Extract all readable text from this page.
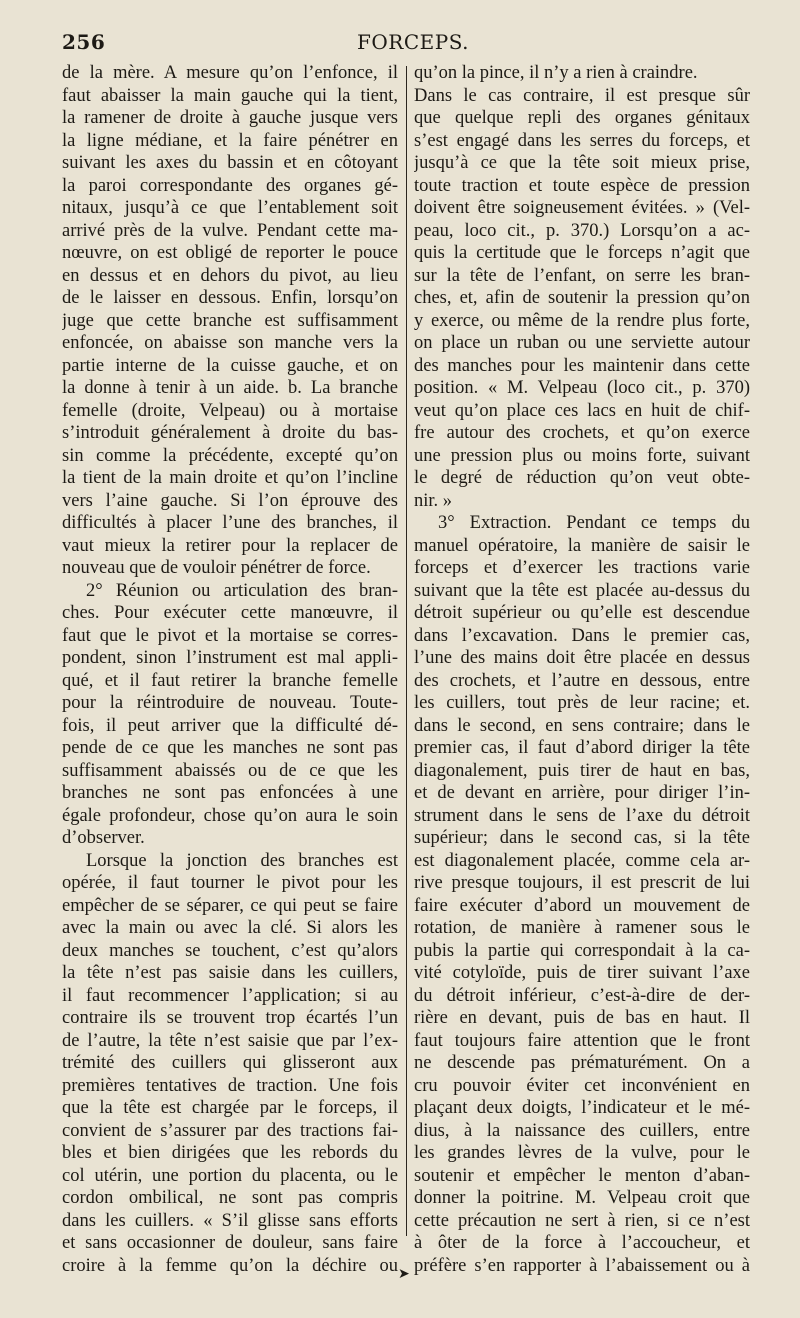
256	FORCEPS.
de la mère. A mesure qu’on l’enfonce, il
faut abaisser la main gauche qui la tient,
la ramener de droite à gauche jusque vers
la ligne médiane, et la faire pénétrer en
suivant les axes du bassin et en côtoyant
la paroi correspondante des organes gé-
nitaux, jusqu’à ce que l’entablement soit
arrivé près de la vulve. Pendant cette ma-
nœuvre, on est obligé de reporter le pouce
en dessus et en dehors du pivot, au lieu
de le laisser en dessous. Enfin, lorsqu’on
juge que cette branche est suffisamment
enfoncée, on abaisse son manche vers la
partie interne de la cuisse gauche, et on
la donne à tenir à un aide. b. La branche
femelle (droite, Velpeau) ou à mortaise
s’introduit généralement à droite du bas-
sin comme la précédente, excepté qu’on
la tient de la main droite et qu’on l’incline
vers l’aine gauche. Si l’on éprouve des
difficultés à placer l’une des branches, il
vaut mieux la retirer pour la replacer de
nouveau que de vouloir pénétrer de force.
2° Réunion ou articulation des bran-
ches. Pour exécuter cette manœuvre, il
faut que le pivot et la mortaise se corres-
pondent, sinon l’instrument est mal appli-
qué, et il faut retirer la branche femelle
pour la réintroduire de nouveau. Toute-
fois, il peut arriver que la difficulté dé-
pende de ce que les manches ne sont pas
suffisamment abaissés ou de ce que les
branches ne sont pas enfoncées à une
égale profondeur, chose qu’on aura le soin
d’observer.
Lorsque la jonction des branches est
opérée, il faut tourner le pivot pour les
empêcher de se séparer, ce qui peut se faire
avec la main ou avec la clé. Si alors les
deux manches se touchent, c’est qu’alors
la tête n’est pas saisie dans les cuillers,
il faut recommencer l’application; si au
contraire ils se trouvent trop écartés l’un
de l’autre, la tête n’est saisie que par l’ex-
trémité des cuillers qui glisseront aux
premières tentatives de traction. Une fois
que la tête est chargée par le forceps, il
convient de s’assurer par des tractions fai-
bles et bien dirigées que les rebords du
col utérin, une portion du placenta, ou le
cordon ombilical, ne sont pas compris
dans les cuillers. « S’il glisse sans efforts
et sans occasionner de douleur, sans faire
croire à la femme qu’on la déchire ou
qu’on la pince, il n’y a rien à craindre.
Dans le cas contraire, il est presque sûr
que quelque repli des organes génitaux
s’est engagé dans les serres du forceps, et
jusqu’à ce que la tête soit mieux prise,
toute traction et toute espèce de pression
doivent être soigneusement évitées. » (Vel-
peau, loco cit., p. 370.) Lorsqu’on a ac-
quis la certitude que le forceps n’agit que
sur la tête de l’enfant, on serre les bran-
ches, et, afin de soutenir la pression qu’on
y exerce, ou même de la rendre plus forte,
on place un ruban ou une serviette autour
des manches pour les maintenir dans cette
position. « M. Velpeau (loco cit., p. 370)
veut qu’on place ces lacs en huit de chif-
fre autour des crochets, et qu’on exerce
une pression plus ou moins forte, suivant
le degré de réduction qu’on veut obte-
nir. »
3° Extraction. Pendant ce temps du
manuel opératoire, la manière de saisir le
forceps et d’exercer les tractions varie
suivant que la tête est placée au-dessus du
détroit supérieur ou qu’elle est descendue
dans l’excavation. Dans le premier cas,
l’une des mains doit être placée en dessus
des crochets, et l’autre en dessous, entre
les cuillers, tout près de leur racine; et.
dans le second, en sens contraire; dans le
premier cas, il faut d’abord diriger la tête
diagonalement, puis tirer de haut en bas,
et de devant en arrière, pour diriger l’in-
strument dans le sens de l’axe du détroit
supérieur; dans le second cas, si la tête
est diagonalement placée, comme cela ar-
rive presque toujours, il est prescrit de lui
faire exécuter d’abord un mouvement de
rotation, de manière à ramener sous le
pubis la partie qui correspondait à la ca-
vité cotyloïde, puis de tirer suivant l’axe
du détroit inférieur, c’est-à-dire de der-
rière en devant, puis de bas en haut. Il
faut toujours faire attention que le front
ne descende pas prématurément. On a
cru pouvoir éviter cet inconvénient en
plaçant deux doigts, l’indicateur et le mé-
dius, à la naissance des cuillers, entre
les grandes lèvres de la vulve, pour le
soutenir et empêcher le menton d’aban-
donner la poitrine. M. Velpeau croit que
cette précaution ne sert à rien, si ce n’est
à ôter de la force à l’accoucheur, et
préfère s’en rapporter à l’abaissement ou à
➤
